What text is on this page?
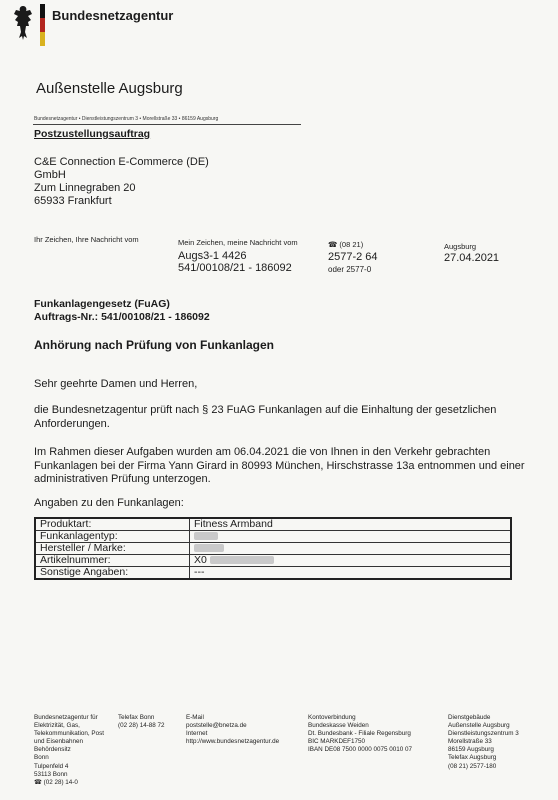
Bundesnetzagentur
Außenstelle Augsburg
Bundesnetzagentur • Dienstleistungszentrum 3 • Morellstraße 33 • 86159 Augsburg
Postzustellungsauftrag
C&E Connection E-Commerce (DE)
GmbH
Zum Linnegraben 20
65933 Frankfurt
Ihr Zeichen, Ihre Nachricht vom	Mein Zeichen, meine Nachricht vom
Augs3-1 4426
541/00108/21 - 186092
☎ (08 21)
2577-2 64
oder 2577-0
Augsburg
27.04.2021
Funkanlagengesetz (FuAG)
Auftrags-Nr.: 541/00108/21 - 186092
Anhörung nach Prüfung von Funkanlagen
Sehr geehrte Damen und Herren,
die Bundesnetzagentur prüft nach § 23 FuAG Funkanlagen auf die Einhaltung der gesetzlichen Anforderungen.
Im Rahmen dieser Aufgaben wurden am 06.04.2021 die von Ihnen in den Verkehr gebrachten Funkanlagen bei der Firma Yann Girard in 80993 München, Hirschstrasse 13a entnommen und einer administrativen Prüfung unterzogen.
Angaben zu den Funkanlagen:
Produktart:	Fitness Armband
Funkanlagentyp:	
Hersteller / Marke:	
Artikelnummer:	X0
Sonstige Angaben:	---
Bundesnetzagentur für
Elektrizität, Gas,
Telekommunikation, Post
und Eisenbahnen
Behördensitz
Bonn
Tulpenfeld 4
53113 Bonn
☎ (02 28) 14-0
Telefax Bonn
(02 28) 14-88 72
E-Mail
poststelle@bnetza.de
Internet
http://www.bundesnetzagentur.de
Kontoverbindung
Bundeskasse Weiden
Dt. Bundesbank - Filiale Regensburg
BIC MARKDEF1750
IBAN DE08 7500 0000 0075 0010 07
Dienstgebäude
Außenstelle Augsburg
Dienstleistungszentrum 3
Morellstraße 33
86159 Augsburg
Telefax Augsburg
(08 21) 2577-180
